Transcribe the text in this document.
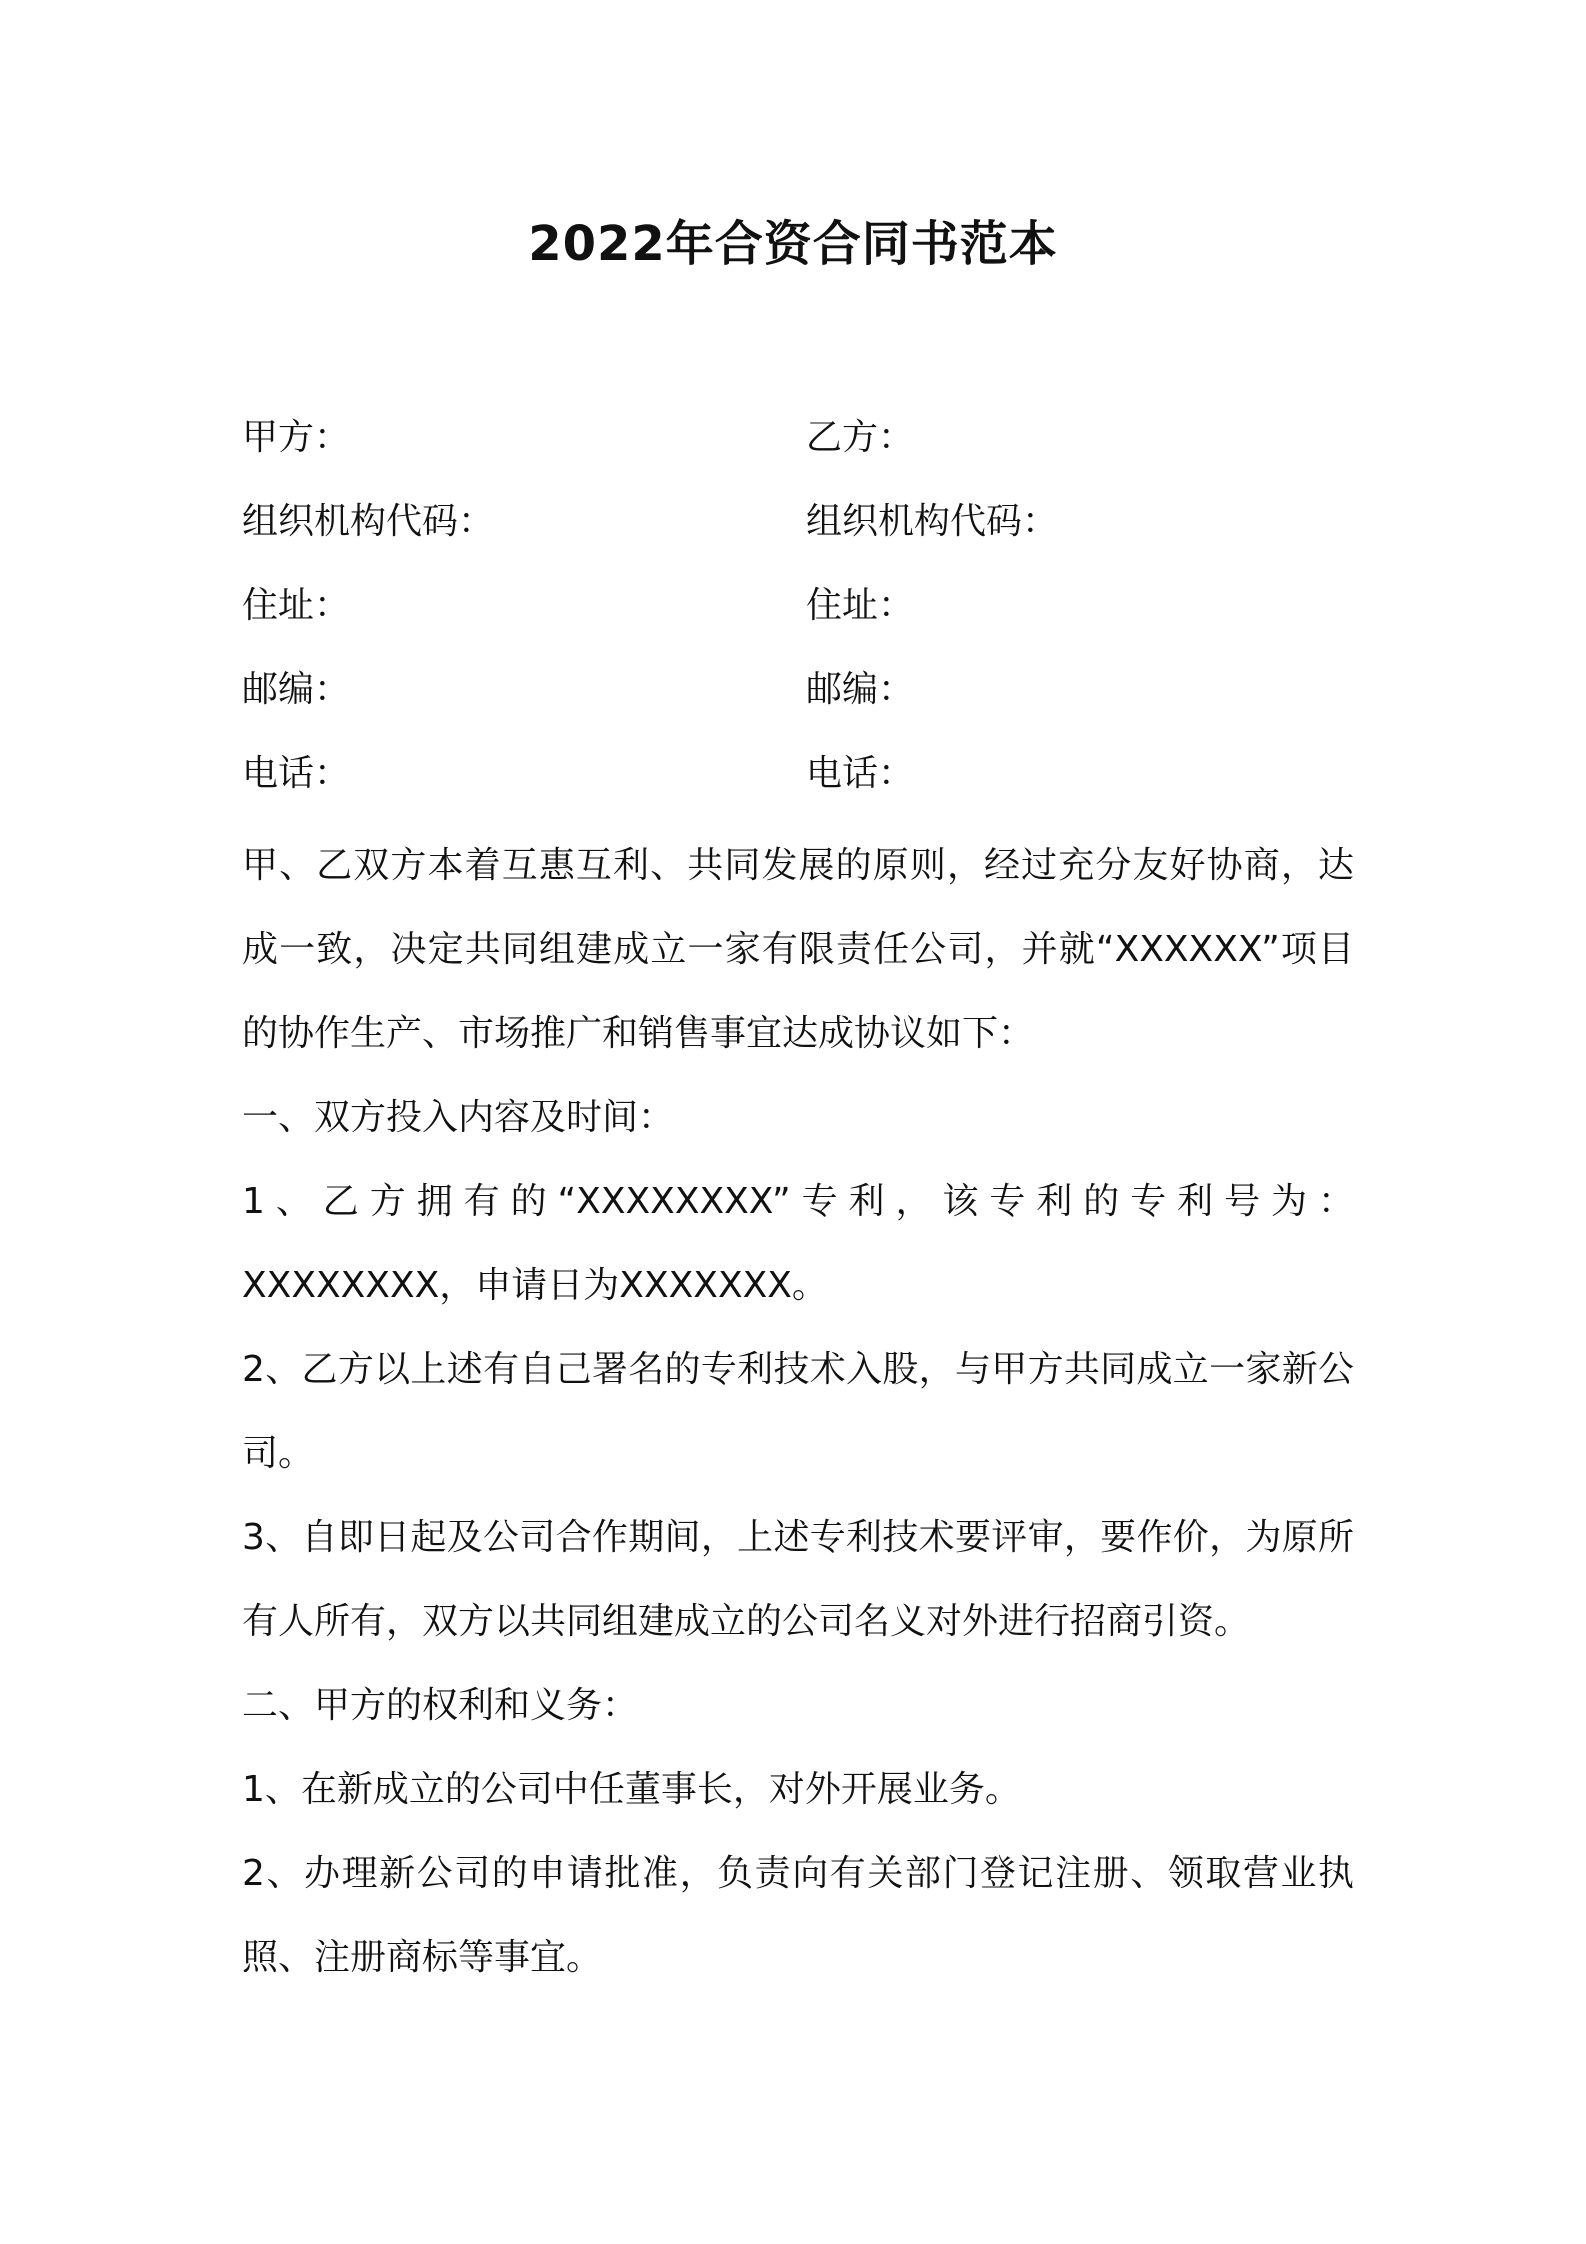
2022年合资合同书范本
甲方：	乙方：
组织机构代码：	组织机构代码：
住址：	住址：
邮编：	邮编：
电话：	电话：

甲、乙双方本着互惠互利、共同发展的原则，经过充分友好协商，达成一致，决定共同组建成立一家有限责任公司，并就“XXXXXX”项目的协作生产、市场推广和销售事宜达成协议如下：

一、双方投入内容及时间：

1、乙方拥有的“XXXXXXXX”专利，该专利的专利号为：XXXXXXXX，申请日为XXXXXXX。

2、乙方以上述有自己署名的专利技术入股，与甲方共同成立一家新公司。

3、自即日起及公司合作期间，上述专利技术要评审，要作价，为原所有人所有，双方以共同组建成立的公司名义对外进行招商引资。

二、甲方的权利和义务：

1、在新成立的公司中任董事长，对外开展业务。

2、办理新公司的申请批准，负责向有关部门登记注册、领取营业执照、注册商标等事宜。
